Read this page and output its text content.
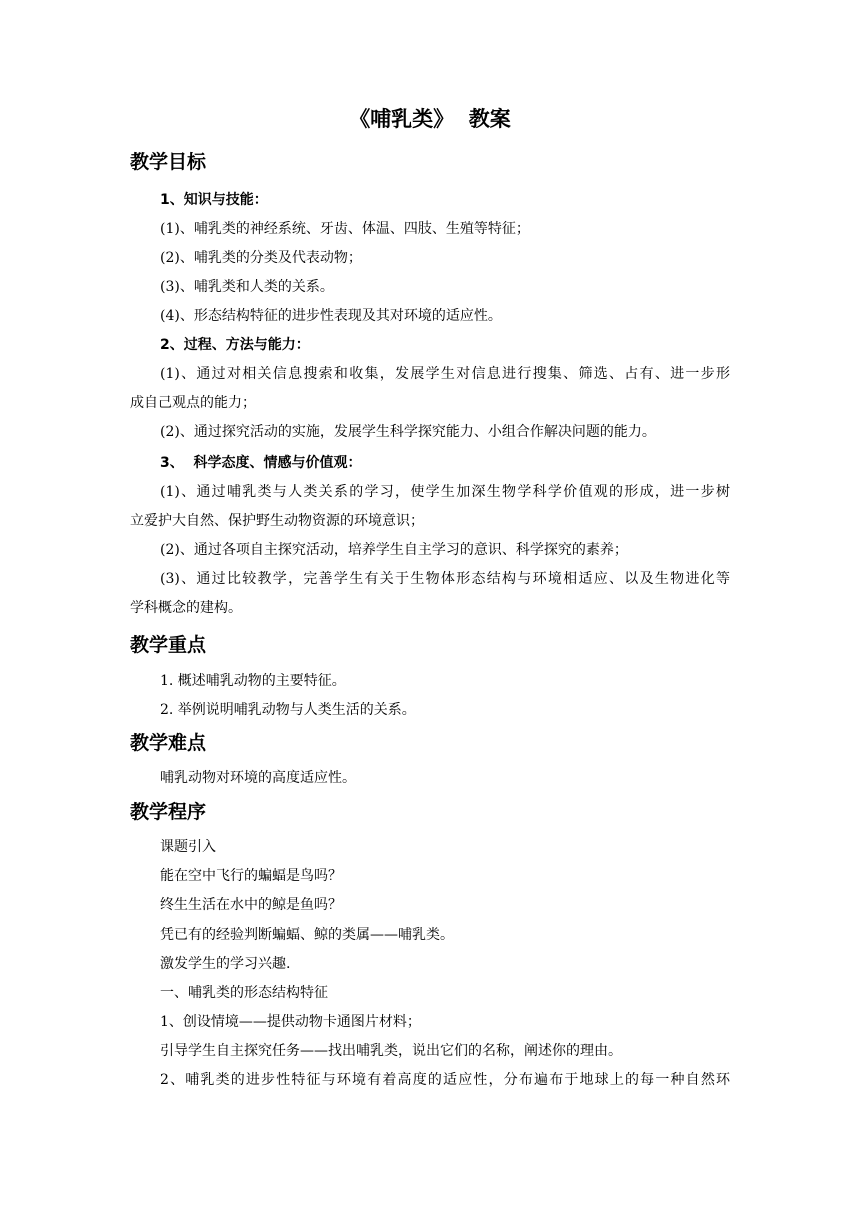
《哺乳类》  教案
教学目标
1、知识与技能：
(1)、哺乳类的神经系统、牙齿、体温、四肢、生殖等特征；
(2)、哺乳类的分类及代表动物；
(3)、哺乳类和人类的关系。
(4)、形态结构特征的进步性表现及其对环境的适应性。
2、过程、方法与能力：
(1)、通过对相关信息搜索和收集，发展学生对信息进行搜集、筛选、占有、进一步形
成自己观点的能力；
(2)、通过探究活动的实施，发展学生科学探究能力、小组合作解决问题的能力。
3、  科学态度、情感与价值观：
(1)、通过哺乳类与人类关系的学习，使学生加深生物学科学价值观的形成，进一步树
立爱护大自然、保护野生动物资源的环境意识；
(2)、通过各项自主探究活动，培养学生自主学习的意识、科学探究的素养；
(3)、通过比较教学，完善学生有关于生物体形态结构与环境相适应、以及生物进化等
学科概念的建构。
教学重点
1. 概述哺乳动物的主要特征。
2. 举例说明哺乳动物与人类生活的关系。
教学难点
哺乳动物对环境的高度适应性。
教学程序
课题引入
能在空中飞行的蝙蝠是鸟吗？
终生生活在水中的鲸是鱼吗？
凭已有的经验判断蝙蝠、鲸的类属——哺乳类。
激发学生的学习兴趣.
一、哺乳类的形态结构特征
1、创设情境——提供动物卡通图片材料；
引导学生自主探究任务——找出哺乳类，说出它们的名称，阐述你的理由。
2、哺乳类的进步性特征与环境有着高度的适应性，分布遍布于地球上的每一种自然环
